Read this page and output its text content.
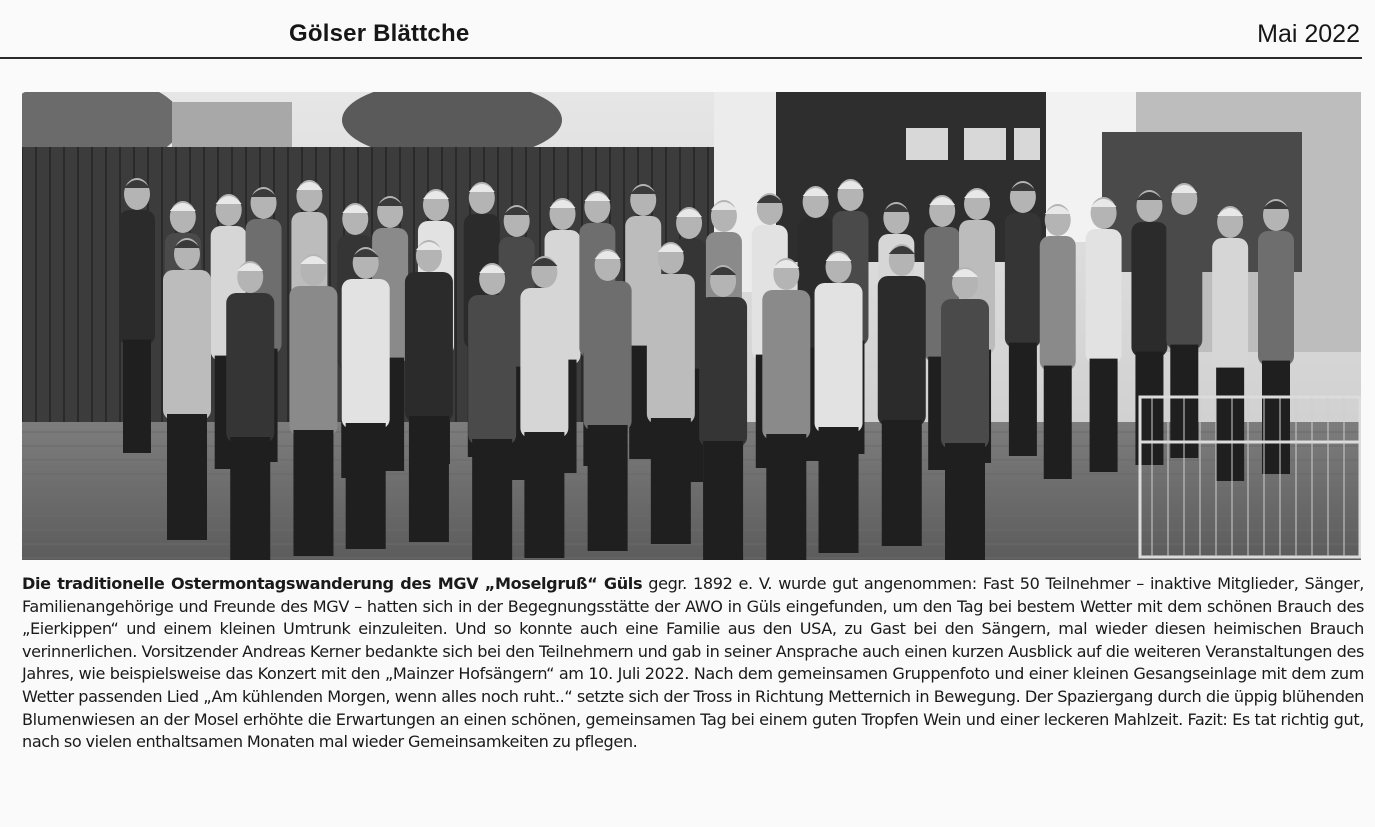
Gölser Blättche	Mai 2022
Die traditionelle Ostermontagswanderung des MGV „Moselgruß“ Güls gegr. 1892 e. V. wurde gut angenommen: Fast 50 Teilnehmer – inaktive Mitglieder, Sänger, Familienangehörige und Freunde des MGV – hatten sich in der Begegnungsstätte der AWO in Güls eingefunden, um den Tag bei bestem Wetter mit dem schönen Brauch des „Eierkippen“ und einem kleinen Umtrunk einzuleiten. Und so konnte auch eine Familie aus den USA, zu Gast bei den Sängern, mal wieder diesen heimischen Brauch verinnerlichen. Vorsitzender Andreas Kerner bedankte sich bei den Teilnehmern und gab in seiner Ansprache auch einen kurzen Ausblick auf die weiteren Veranstaltungen des Jahres, wie beispielsweise das Konzert mit den „Mainzer Hofsängern“ am 10. Juli 2022. Nach dem gemeinsamen Gruppenfoto und einer kleinen Gesangseinlage mit dem zum Wetter passenden Lied „Am kühlenden Morgen, wenn alles noch ruht..“ setzte sich der Tross in Richtung Metternich in Bewegung. Der Spaziergang durch die üppig blühenden Blumenwiesen an der Mosel erhöhte die Erwartungen an einen schönen, gemeinsamen Tag bei einem guten Tropfen Wein und einer leckeren Mahlzeit. Fazit: Es tat richtig gut, nach so vielen enthaltsamen Monaten mal wieder Gemeinsamkeiten zu pflegen.
